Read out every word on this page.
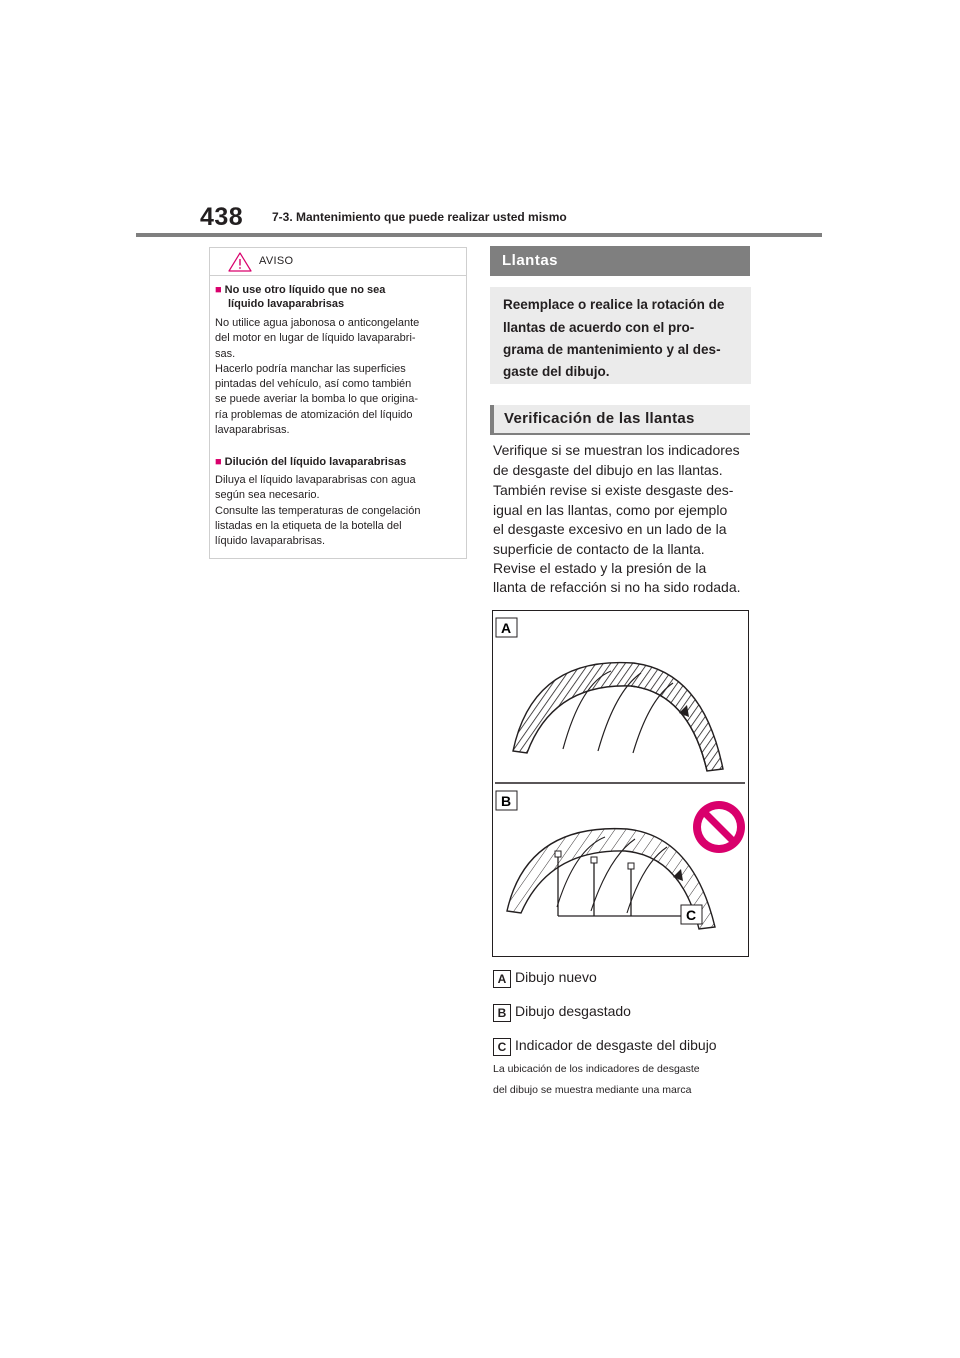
438 7-3. Mantenimiento que puede realizar usted mismo
AVISO
■ No use otro líquido que no sea
líquido lavaparabrisas
No utilice agua jabonosa o anticongelante
del motor en lugar de líquido lavaparabri-
sas.
Hacerlo podría manchar las superficies
pintadas del vehículo, así como también
se puede averiar la bomba lo que origina-
ría problemas de atomización del líquido
lavaparabrisas.
■ Dilución del líquido lavaparabrisas
Diluya el líquido lavaparabrisas con agua
según sea necesario.
Consulte las temperaturas de congelación
listadas en la etiqueta de la botella del
líquido lavaparabrisas.
Llantas
Reemplace o realice la rotación de
llantas de acuerdo con el pro-
grama de mantenimiento y al des-
gaste del dibujo.
Verificación de las llantas
Verifique si se muestran los indicadores
de desgaste del dibujo en las llantas.
También revise si existe desgaste des-
igual en las llantas, como por ejemplo
el desgaste excesivo en un lado de la
superficie de contacto de la llanta.
Revise el estado y la presión de la
llanta de refacción si no ha sido rodada.
A
B
C
A Dibujo nuevo
B Dibujo desgastado
C Indicador de desgaste del dibujo
La ubicación de los indicadores de desgaste
del dibujo se muestra mediante una marca
